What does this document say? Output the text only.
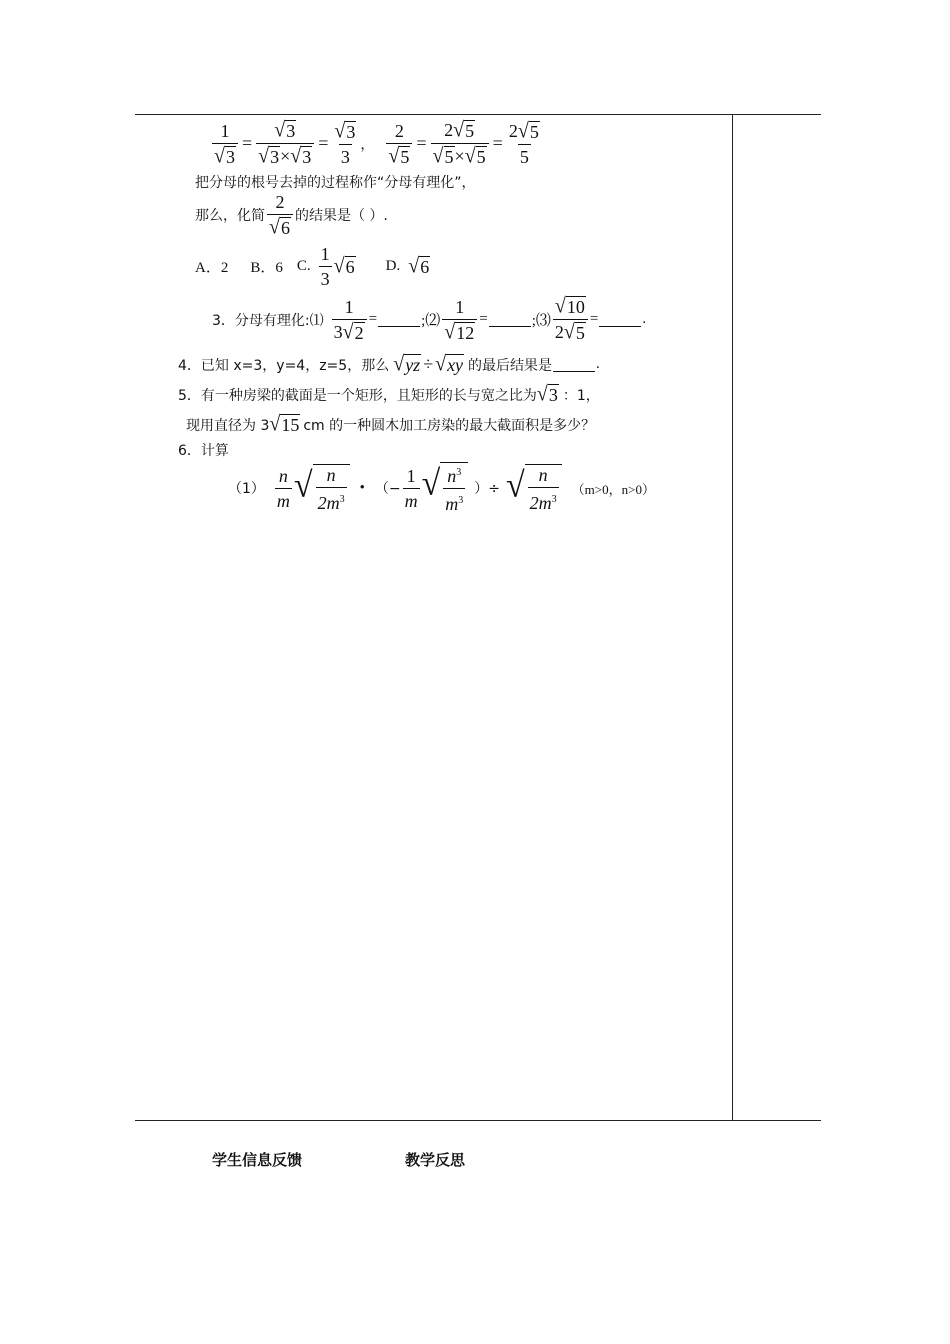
$\frac{1}{√ 3} = \frac{√ 3}{√ 3 \times √ 3} = \frac{√ 3}{3}$ ， $\frac{2}{√ 5} = \frac{2 √ 5}{√ 5 \times √ 5} = \frac{2 √ 5}{5}$
把分母的根号去掉的过程称作“分母有理化”，
那么，化简 $\frac{2}{√ 6}$ 的结果是（ ）.
A．2 B．6 C. $\frac{1}{3}$ √ 6 D. √ 6
3．分母有理化:⑴ $\frac{1}{3 √ 2}$ =	;⑵ $\frac{1}{√ 12}$ =	;⑶ $\frac{√ 10}{2 √ 5}$ =	.
4．已知 x=3，y=4，z=5，那么 √ yz ÷ √ xy 的最后结果是	.
5．有一种房梁的截面是一个矩形，且矩形的长与宽之比为 √ 3 ：1，
现用直径为 3 √ 15 cm 的一种圆木加工房染的最大截面积是多少？
6．计算
$(1) \frac{n}{m}$ √ $\frac{n}{2m^3}$ • （− $\frac{1}{m}$ √ $\frac{n^3}{m^3}$ ）÷ √ $\frac{n}{2m^3} (m>0$，n>0）
学生信息反馈	教学反思
